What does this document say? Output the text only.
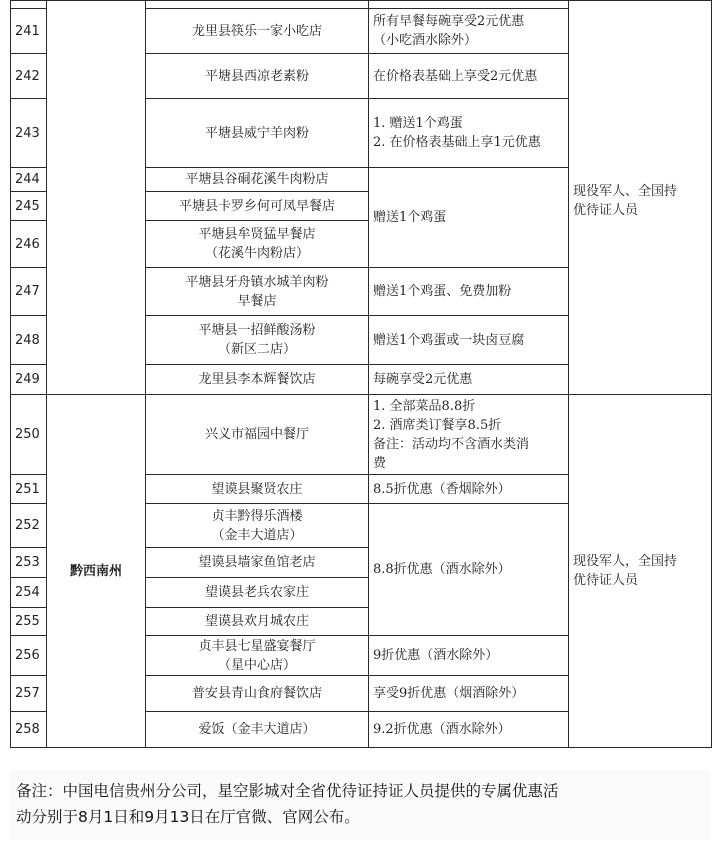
241		龙里县筷乐一家小吃店	所有早餐每碗享受2元优惠
（小吃酒水除外）	现役军人、全国持
优待证人员

242		平塘县西凉老素粉	在价格表基础上享受2元优惠	

243		平塘县威宁羊肉粉	1. 赠送1个鸡蛋
2. 在价格表基础上享1元优惠	

244		平塘县谷硐花溪牛肉粉店	赠送1个鸡蛋	

245		平塘县卡罗乡何可凤早餐店		

246		平塘县牟贤猛早餐店
（花溪牛肉粉店）		

247		平塘县牙舟镇水城羊肉粉
早餐店	赠送1个鸡蛋、免费加粉	

248		平塘县一招鲜酸汤粉
（新区二店）	赠送1个鸡蛋或一块卤豆腐	

249		龙里县李本辉餐饮店	每碗享受2元优惠	

250	黔西南州	兴义市福园中餐厅	1. 全部菜品8.8折
2. 酒席类订餐享8.5折
备注：活动均不含酒水类消
费	现役军人，全国持
优待证人员

251		望谟县聚贤农庄	8.5折优惠（香烟除外）	

252		贞丰黔得乐酒楼
（金丰大道店）	8.8折优惠（酒水除外）	

253		望谟县墙家鱼馆老店		

254		望谟县老兵农家庄		

255		望谟县欢月城农庄		

256		贞丰县七星盛宴餐厅
（星中心店）	9折优惠（酒水除外）	

257		普安县青山食府餐饮店	享受9折优惠（烟酒除外）	

258		爱饭（金丰大道店）	9.2折优惠（酒水除外）	
备注：中国电信贵州分公司，星空影城对全省优待证持证人员提供的专属优惠活
动分别于8月1日和9月13日在厅官微、官网公布。
